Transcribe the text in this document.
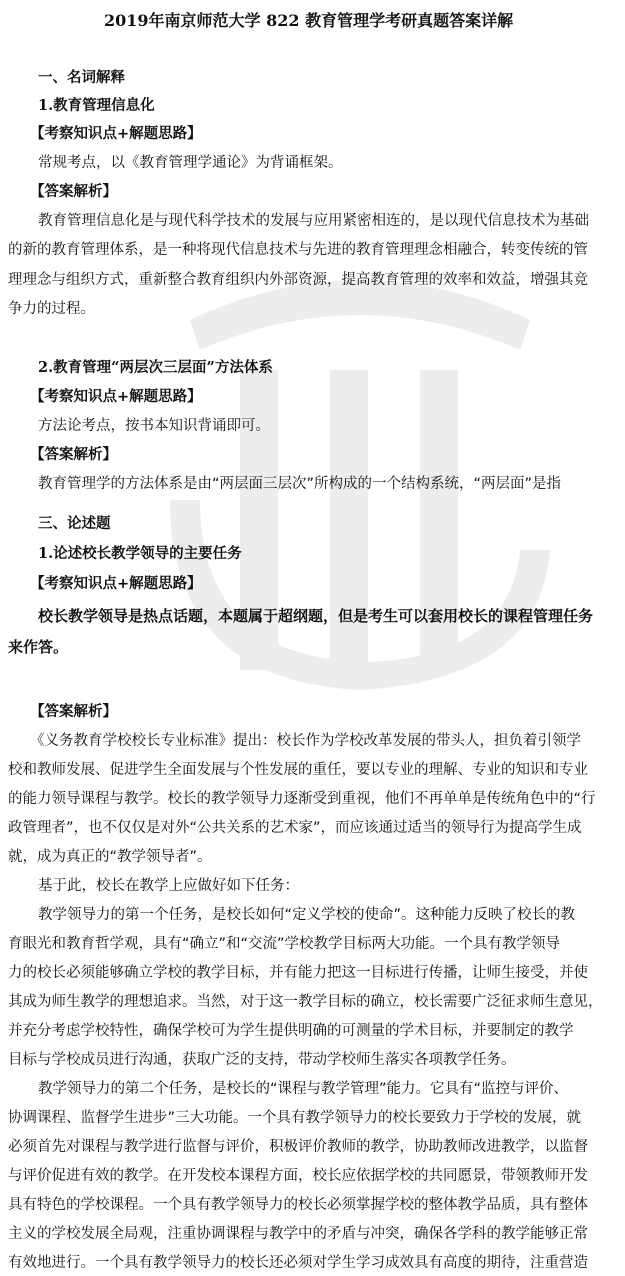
2019年南京师范大学 822 教育管理学考研真题答案详解
一、名词解释
1.教育管理信息化
【考察知识点+解题思路】
常规考点，以《教育管理学通论》为背诵框架。
【答案解析】
教育管理信息化是与现代科学技术的发展与应用紧密相连的，是以现代信息技术为基础
的新的教育管理体系，是一种将现代信息技术与先进的教育管理理念相融合，转变传统的管
理理念与组织方式，重新整合教育组织内外部资源，提高教育管理的效率和效益，增强其竞
争力的过程。
2.教育管理“两层次三层面”方法体系
【考察知识点+解题思路】
方法论考点，按书本知识背诵即可。
【答案解析】
教育管理学的方法体系是由“两层面三层次”所构成的一个结构系统，“两层面”是指
三、论述题
1.论述校长教学领导的主要任务
【考察知识点+解题思路】
校长教学领导是热点话题，本题属于超纲题，但是考生可以套用校长的课程管理任务
来作答。
【答案解析】
《义务教育学校校长专业标准》提出：校长作为学校改革发展的带头人，担负着引领学
校和教师发展、促进学生全面发展与个性发展的重任，要以专业的理解、专业的知识和专业
的能力领导课程与教学。校长的教学领导力逐渐受到重视，他们不再单单是传统角色中的“行
政管理者”，也不仅仅是对外“公共关系的艺术家”，而应该通过适当的领导行为提高学生成
就，成为真正的“教学领导者”。
基于此，校长在教学上应做好如下任务：
教学领导力的第一个任务，是校长如何“定义学校的使命”。这种能力反映了校长的教
育眼光和教育哲学观，具有“确立”和“交流”学校教学目标两大功能。一个具有教学领导
力的校长必须能够确立学校的教学目标，并有能力把这一目标进行传播，让师生接受，并使
其成为师生教学的理想追求。当然，对于这一教学目标的确立，校长需要广泛征求师生意见，
并充分考虑学校特性，确保学校可为学生提供明确的可测量的学术目标，并要制定的教学
目标与学校成员进行沟通，获取广泛的支持，带动学校师生落实各项教学任务。
教学领导力的第二个任务，是校长的“课程与教学管理”能力。它具有“监控与评价、
协调课程、监督学生进步”三大功能。一个具有教学领导力的校长要致力于学校的发展，就
必须首先对课程与教学进行监督与评价，积极评价教师的教学，协助教师改进教学，以监督
与评价促进有效的教学。在开发校本课程方面，校长应依据学校的共同愿景，带领教师开发
具有特色的学校课程。一个具有教学领导力的校长必须掌握学校的整体教学品质，具有整体
主义的学校发展全局观，注重协调课程与教学中的矛盾与冲突，确保各学科的教学能够正常
有效地进行。一个具有教学领导力的校长还必须对学生学习成效具有高度的期待，注重营造
